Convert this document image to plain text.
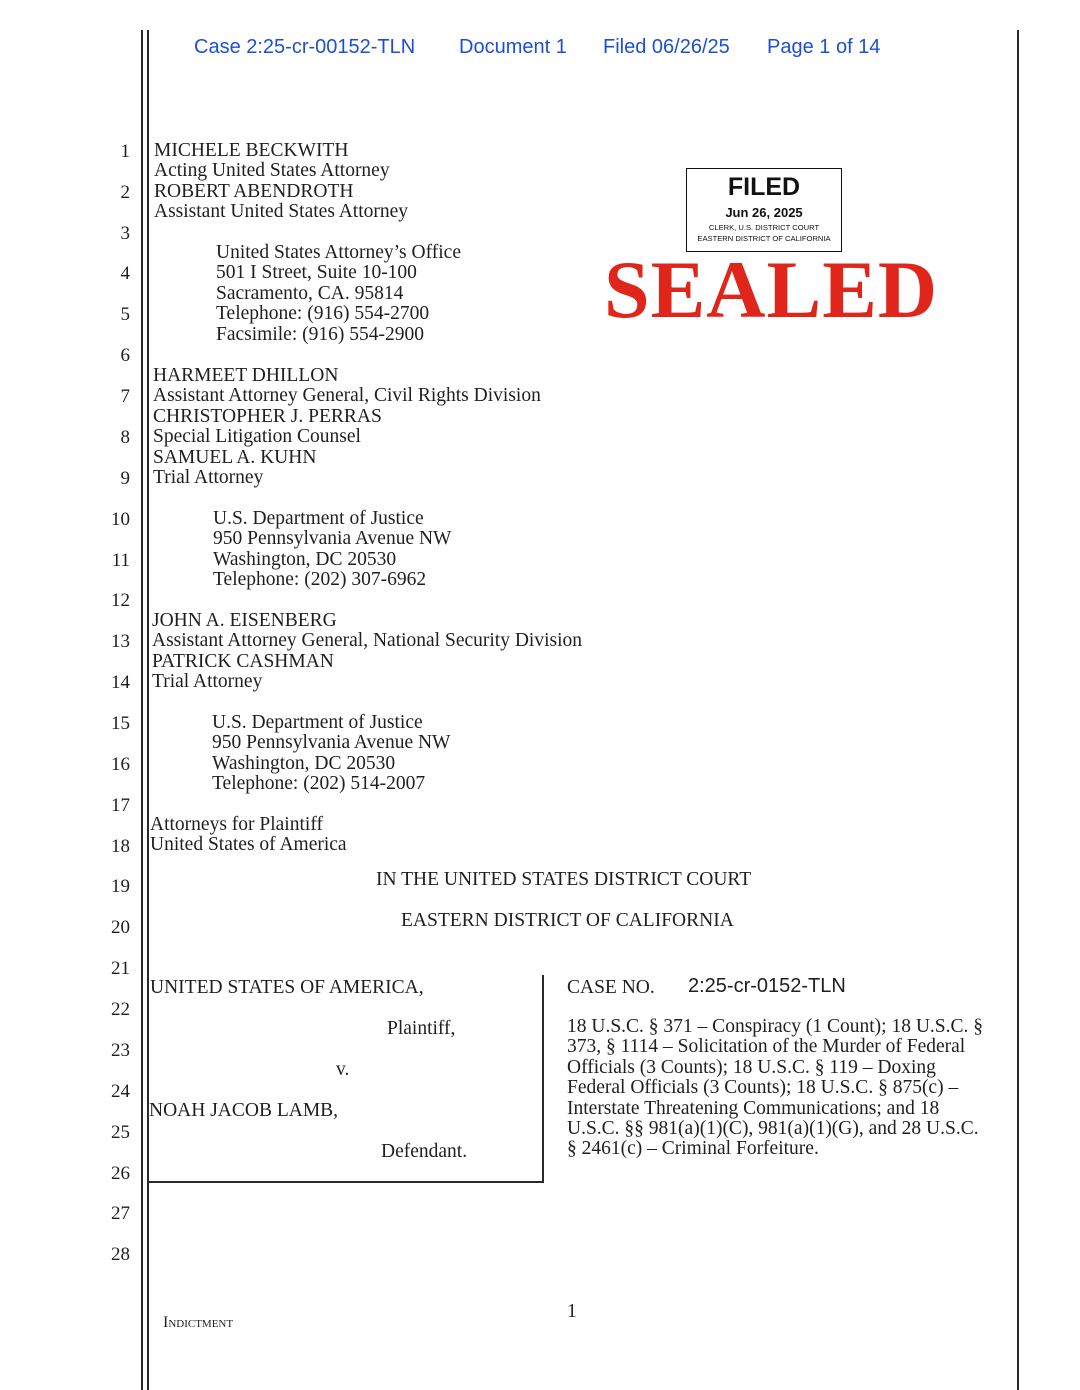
Case 2:25-cr-00152-TLN Document 1 Filed 06/26/25 Page 1 of 14
1
2
3
4
5
6
7
8
9
10
11
12
13
14
15
16
17
18
19
20
21
22
23
24
25
26
27
28
MICHELE BECKWITH
Acting United States Attorney
ROBERT ABENDROTH
Assistant United States Attorney
United States Attorney’s Office
501 I Street, Suite 10-100
Sacramento, CA. 95814
Telephone: (916) 554-2700
Facsimile: (916) 554-2900
HARMEET DHILLON
Assistant Attorney General, Civil Rights Division
CHRISTOPHER J. PERRAS
Special Litigation Counsel
SAMUEL A. KUHN
Trial Attorney
U.S. Department of Justice
950 Pennsylvania Avenue NW
Washington, DC 20530
Telephone: (202) 307-6962
JOHN A. EISENBERG
Assistant Attorney General, National Security Division
PATRICK CASHMAN
Trial Attorney
U.S. Department of Justice
950 Pennsylvania Avenue NW
Washington, DC 20530
Telephone: (202) 514-2007
Attorneys for Plaintiff
United States of America
FILED
Jun 26, 2025
CLERK, U.S. DISTRICT COURT
EASTERN DISTRICT OF CALIFORNIA
SEALED
IN THE UNITED STATES DISTRICT COURT
EASTERN DISTRICT OF CALIFORNIA
UNITED STATES OF AMERICA,
Plaintiff,
v.
NOAH JACOB LAMB,
Defendant.
CASE NO. 2:25-cr-0152-TLN
18 U.S.C. § 371 – Conspiracy (1 Count); 18 U.S.C. §
373, § 1114 – Solicitation of the Murder of Federal
Officials (3 Counts); 18 U.S.C. § 119 – Doxing
Federal Officials (3 Counts); 18 U.S.C. § 875(c) –
Interstate Threatening Communications; and 18
U.S.C. §§ 981(a)(1)(C), 981(a)(1)(G), and 28 U.S.C.
§ 2461(c) – Criminal Forfeiture.
Indictment
1
